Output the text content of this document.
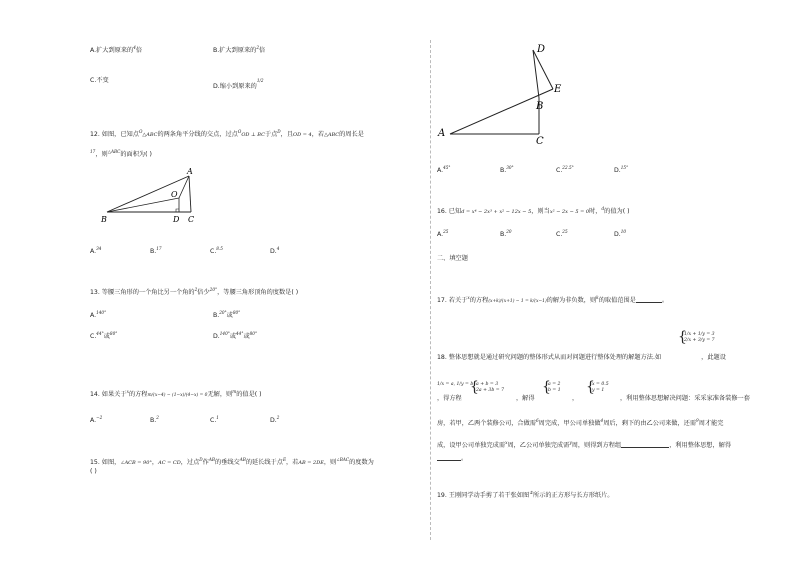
A.扩大到原来的$^4$倍	B.扩大到原来的$^2$倍
C.不变
D.缩小到原来的$^{1/2}$
12. 如图，已知点$^O$△ABC的两条角平分线的交点，过点$^O$OD ⊥ BC于点$^D$，且OD = 4，若△ABC的周长是
$^{17}$，则$^{\triangle ABC}$的面积为( )
A
O
B	D C
A.$^{34}$	B.$^{17}$	C.$^{8.5}$	D.$^4$
13. 等腰三角形的一个角比另一个角的$^2$倍少$^{20^\circ}$，等腰三角形顶角的度数是( )
A.$^{140^\circ}$	B.$^{20^\circ}$或$^{80^\circ}$
C.$^{44^\circ}$或$^{80^\circ}$	D.$^{140^\circ}$或$^{44^\circ}$或$^{80^\circ}$
14. 如果关于$^x$的方程m/(x−4) − (1−x)/(4−x) = 0无解，则$^m$的值是( )
A.$^{-2}$	B.$^2$	C.$^1$	D.$^2$
15. 如图，∠ACB = 90°，AC = CD，过点$^D$作$^{AB}$的垂线交$^{AB}$的延长线于点$^E$，若AB = 2DE，则$^{\angle BAC}$的度数为
( )
D
E
B
A
C
A.$^{45^\circ}$	B.$^{30^\circ}$	C.$^{22.5^\circ}$	D.$^{15^\circ}$
16. 已知d = x⁴ − 2x³ + x² − 12x − 5，则当x² − 2x − 5 = 0时，$^d$的值为( )
A.$^{25}$	B.$^{20}$	C.$^{25}$	D.$^{10}$
二、填空题
17. 若关于$^x$的方程(x+k)/(x+1) − 1 = k/(x−1)的解为非负数，则$^k$的取值范围是	。
{
1/x + 1/y = 3
2/x + 3/y = 7
18. 整体思想就是通过研究问题的整体形式从而对问题进行整体处理的解题方法.如	，此题设
1/x = a, 1/y = b
，得方程
{
a + b = 3
2a + 3b = 7
，解得
{
a = 2
b = 1
，
{
x = 0.5
y = 1
，利用整体思想解决问题：采采家准备装修一套
房，若甲，乙两个装修公司，合做需$^6$周完成，甲公司单独做$^4$周后，剩下的由乙公司来做，还需$^9$周才能完
成，设甲公司单独完成需$^x$周，乙公司单独完成需$^y$周，则得到方程组	，利用整体思想，解得
。
19. 王刚同学动手剪了若干张如图①所示的正方形与长方形纸片。
